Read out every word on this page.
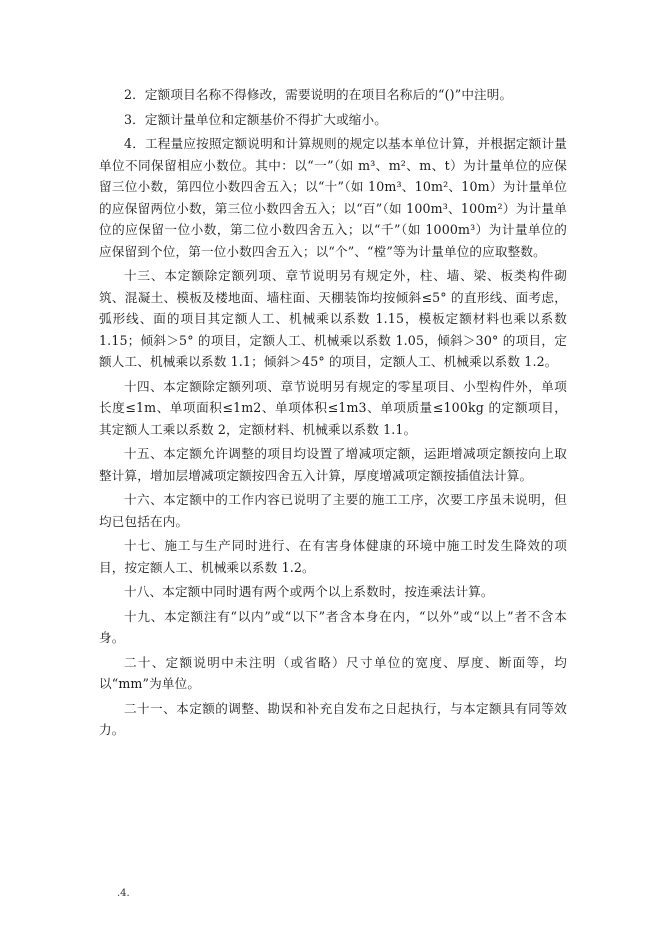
2．定额项目名称不得修改，需要说明的在项目名称后的“()”中注明。

3．定额计量单位和定额基价不得扩大或缩小。

4．工程量应按照定额说明和计算规则的规定以基本单位计算，并根据定额计量单位不同保留相应小数位。其中：以“一”（如 m³、m²、m、t）为计量单位的应保留三位小数，第四位小数四舍五入；以“十”（如 10m³、10m²、10m）为计量单位的应保留两位小数，第三位小数四舍五入；以“百”（如 100m³、100m²）为计量单位的应保留一位小数，第二位小数四舍五入；以“千”（如 1000m³）为计量单位的应保留到个位，第一位小数四舍五入；以“个”、“樘”等为计量单位的应取整数。

十三、本定额除定额列项、章节说明另有规定外，柱、墙、梁、板类构件砌筑、混凝土、模板及楼地面、墙柱面、天棚装饰均按倾斜≤5° 的直形线、面考虑，弧形线、面的项目其定额人工、机械乘以系数 1.15，模板定额材料也乘以系数 1.15；倾斜＞5° 的项目，定额人工、机械乘以系数 1.05，倾斜＞30° 的项目，定额人工、机械乘以系数 1.1；倾斜＞45° 的项目，定额人工、机械乘以系数 1.2。

十四、本定额除定额列项、章节说明另有规定的零星项目、小型构件外，单项长度≤1m、单项面积≤1m2、单项体积≤1m3、单项质量≤100kg 的定额项目，其定额人工乘以系数 2，定额材料、机械乘以系数 1.1。

十五、本定额允许调整的项目均设置了增减项定额，运距增减项定额按向上取整计算，增加层增减项定额按四舍五入计算，厚度增减项定额按插值法计算。

十六、本定额中的工作内容已说明了主要的施工工序，次要工序虽未说明，但均已包括在内。

十七、施工与生产同时进行、在有害身体健康的环境中施工时发生降效的项目，按定额人工、机械乘以系数 1.2。

十八、本定额中同时遇有两个或两个以上系数时，按连乘法计算。

十九、本定额注有“以内”或“以下”者含本身在内，“以外”或“以上”者不含本身。

二十、定额说明中未注明（或省略）尺寸单位的宽度、厚度、断面等，均以“mm”为单位。

二十一、本定额的调整、勘误和补充自发布之日起执行，与本定额具有同等效力。

.4.
